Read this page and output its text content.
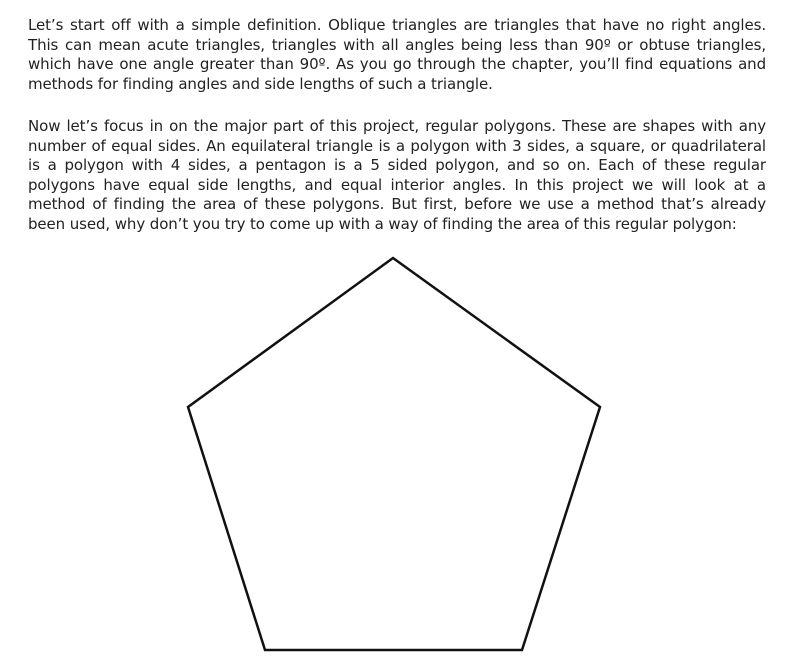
Let’s start off with a simple definition. Oblique triangles are triangles that have no right angles. This can mean acute triangles, triangles with all angles being less than 90º or obtuse triangles, which have one angle greater than 90º. As you go through the chapter, you’ll find equations and methods for finding angles and side lengths of such a triangle.

Now let’s focus in on the major part of this project, regular polygons. These are shapes with any number of equal sides. An equilateral triangle is a polygon with 3 sides, a square, or quadrilateral is a polygon with 4 sides, a pentagon is a 5 sided polygon, and so on. Each of these regular polygons have equal side lengths, and equal interior angles. In this project we will look at a method of finding the area of these polygons. But first, before we use a method that’s already been used, why don’t you try to come up with a way of finding the area of this regular polygon:
